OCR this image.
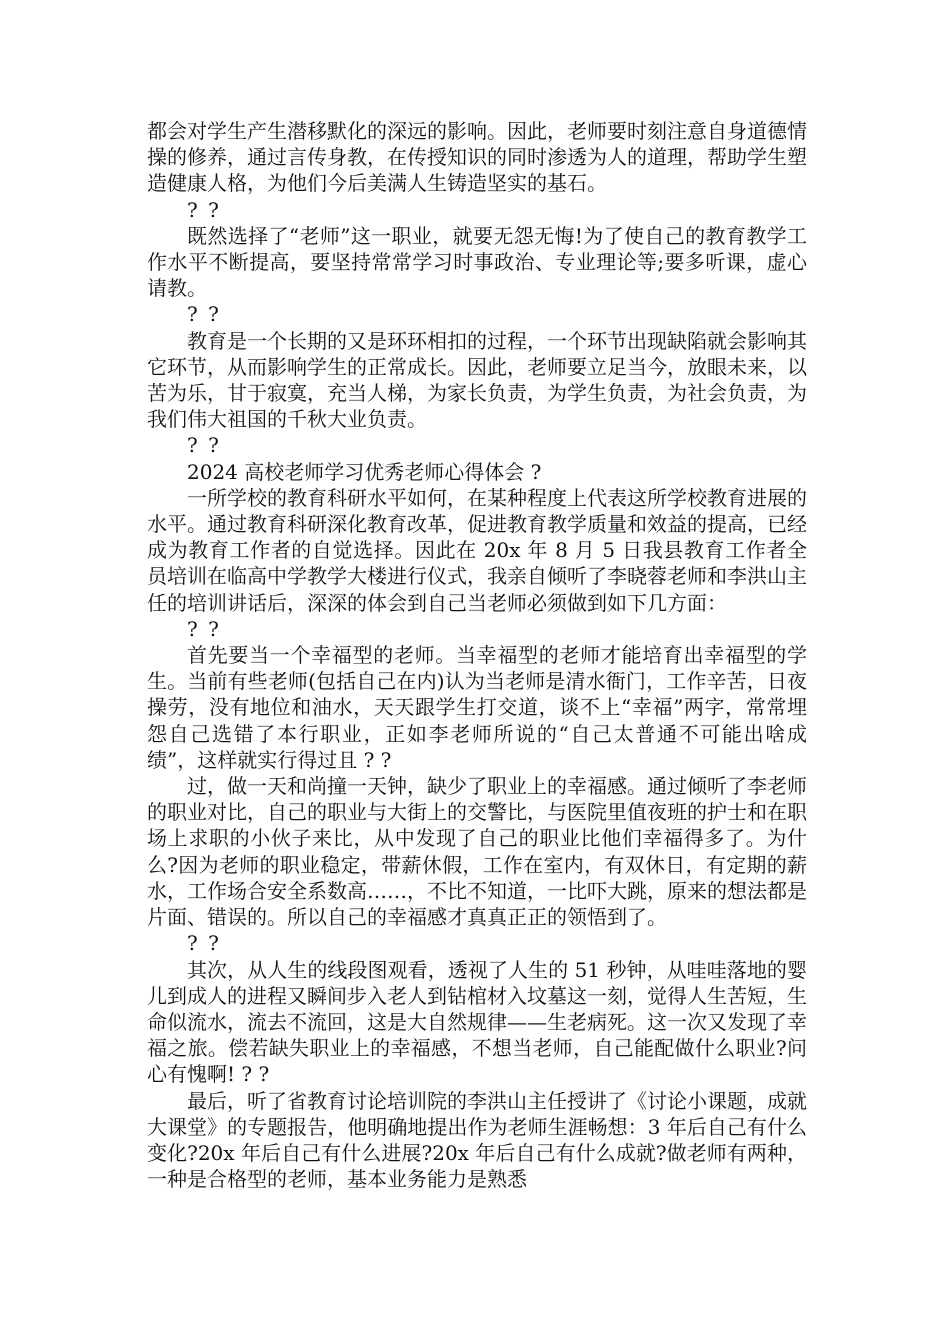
都会对学生产生潜移默化的深远的影响。因此，老师要时刻注意自身道德情操的修养，通过言传身教，在传授知识的同时渗透为人的道理，帮助学生塑造健康人格，为他们今后美满人生铸造坚实的基石。

? ?

既然选择了“老师”这一职业，就要无怨无悔!为了使自己的教育教学工作水平不断提高，要坚持常常学习时事政治、专业理论等;要多听课，虚心请教。

? ?

教育是一个长期的又是环环相扣的过程，一个环节出现缺陷就会影响其它环节，从而影响学生的正常成长。因此，老师要立足当今，放眼未来，以苦为乐，甘于寂寞，充当人梯，为家长负责，为学生负责，为社会负责，为我们伟大祖国的千秋大业负责。

? ?

2024 高校老师学习优秀老师心得体会 ?

一所学校的教育科研水平如何，在某种程度上代表这所学校教育进展的水平。通过教育科研深化教育改革，促进教育教学质量和效益的提高，已经成为教育工作者的自觉选择。因此在 20x 年 8 月 5 日我县教育工作者全员培训在临高中学教学大楼进行仪式，我亲自倾听了李晓蓉老师和李洪山主任的培训讲话后，深深的体会到自己当老师必须做到如下几方面：

? ?

首先要当一个幸福型的老师。当幸福型的老师才能培育出幸福型的学生。当前有些老师(包括自己在内)认为当老师是清水衙门，工作辛苦，日夜操劳，没有地位和油水，天天跟学生打交道，谈不上“幸福”两字，常常埋怨自己选错了本行职业，正如李老师所说的“自己太普通不可能出啥成绩”，这样就实行得过且 ? ?

过，做一天和尚撞一天钟，缺少了职业上的幸福感。通过倾听了李老师的职业对比，自己的职业与大街上的交警比，与医院里值夜班的护士和在职场上求职的小伙子来比，从中发现了自己的职业比他们幸福得多了。为什么?因为老师的职业稳定，带薪休假，工作在室内，有双休日，有定期的薪水，工作场合安全系数高……，不比不知道，一比吓大跳，原来的想法都是片面、错误的。所以自己的幸福感才真真正正的领悟到了。

? ?

其次，从人生的线段图观看，透视了人生的 51 秒钟，从哇哇落地的婴儿到成人的进程又瞬间步入老人到钻棺材入坟墓这一刻，觉得人生苦短，生命似流水，流去不流回，这是大自然规律——生老病死。这一次又发现了幸福之旅。偿若缺失职业上的幸福感，不想当老师，自己能配做什么职业?问心有愧啊! ? ?

最后，听了省教育讨论培训院的李洪山主任授讲了《讨论小课题，成就大课堂》的专题报告，他明确地提出作为老师生涯畅想：3 年后自己有什么变化?20x 年后自己有什么进展?20x 年后自己有什么成就?做老师有两种，一种是合格型的老师，基本业务能力是熟悉
